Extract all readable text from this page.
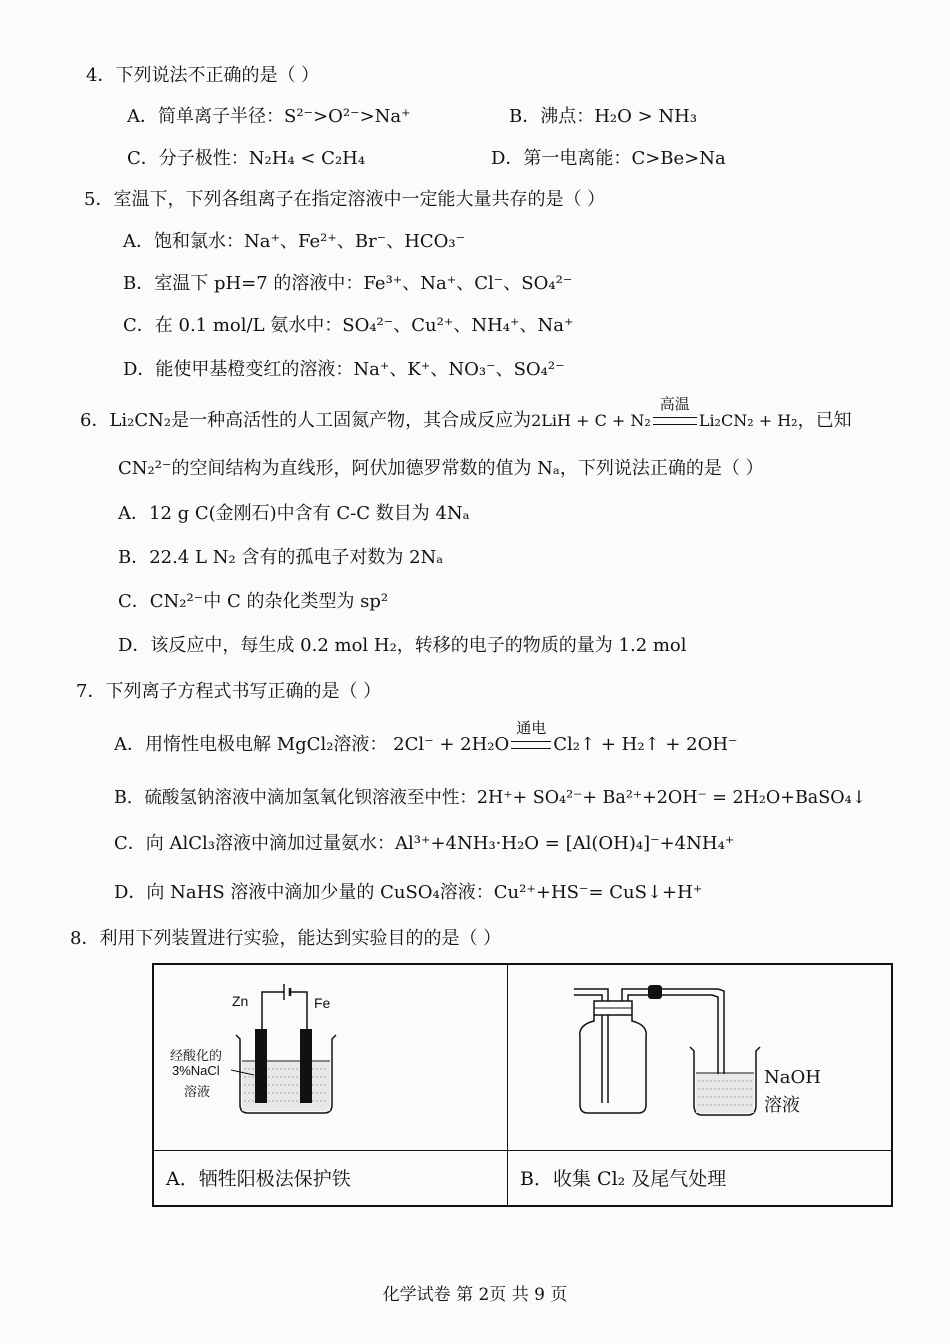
4．下列说法不正确的是（ ）
A．简单离子半径：S²⁻>O²⁻>Na⁺	B．沸点：H₂O > NH₃
C．分子极性：N₂H₄ < C₂H₄	D．第一电离能：C>Be>Na
5．室温下，下列各组离子在指定溶液中一定能大量共存的是（ ）
A．饱和氯水：Na⁺、Fe²⁺、Br⁻、HCO₃⁻
B．室温下 pH=7 的溶液中：Fe³⁺、Na⁺、Cl⁻、SO₄²⁻
C．在 0.1 mol/L 氨水中：SO₄²⁻、Cu²⁺、NH₄⁺、Na⁺
D．能使甲基橙变红的溶液：Na⁺、K⁺、NO₃⁻、SO₄²⁻
6．Li₂CN₂是一种高活性的人工固氮产物，其合成反应为2LiH + C + N₂
高温
Li₂CN₂ + H₂，已知
CN₂²⁻的空间结构为直线形，阿伏加德罗常数的值为 Nₐ，下列说法正确的是（ ）
A．12 g C(金刚石)中含有 C-C 数目为 4Nₐ
B．22.4 L N₂ 含有的孤电子对数为 2Nₐ
C．CN₂²⁻中 C 的杂化类型为 sp²
D．该反应中，每生成 0.2 mol H₂，转移的电子的物质的量为 1.2 mol
7．下列离子方程式书写正确的是（ ）
A．用惰性电极电解 MgCl₂溶液： 2Cl⁻ + 2H₂O
通电
Cl₂↑ + H₂↑ + 2OH⁻
B．硫酸氢钠溶液中滴加氢氧化钡溶液至中性：2H⁺+ SO₄²⁻+ Ba²⁺+2OH⁻ = 2H₂O+BaSO₄↓
C．向 AlCl₃溶液中滴加过量氨水：Al³⁺+4NH₃·H₂O = [Al(OH)₄]⁻+4NH₄⁺
D．向 NaHS 溶液中滴加少量的 CuSO₄溶液：Cu²⁺+HS⁻= CuS↓+H⁺
8．利用下列装置进行实验，能达到实验目的的是（ ）
Zn Fe
经酸化的
3%NaCl
溶液	NaOH
溶液

A．牺牲阳极法保护铁	B．收集 Cl₂ 及尾气处理
化学试卷 第 2页 共 9 页
